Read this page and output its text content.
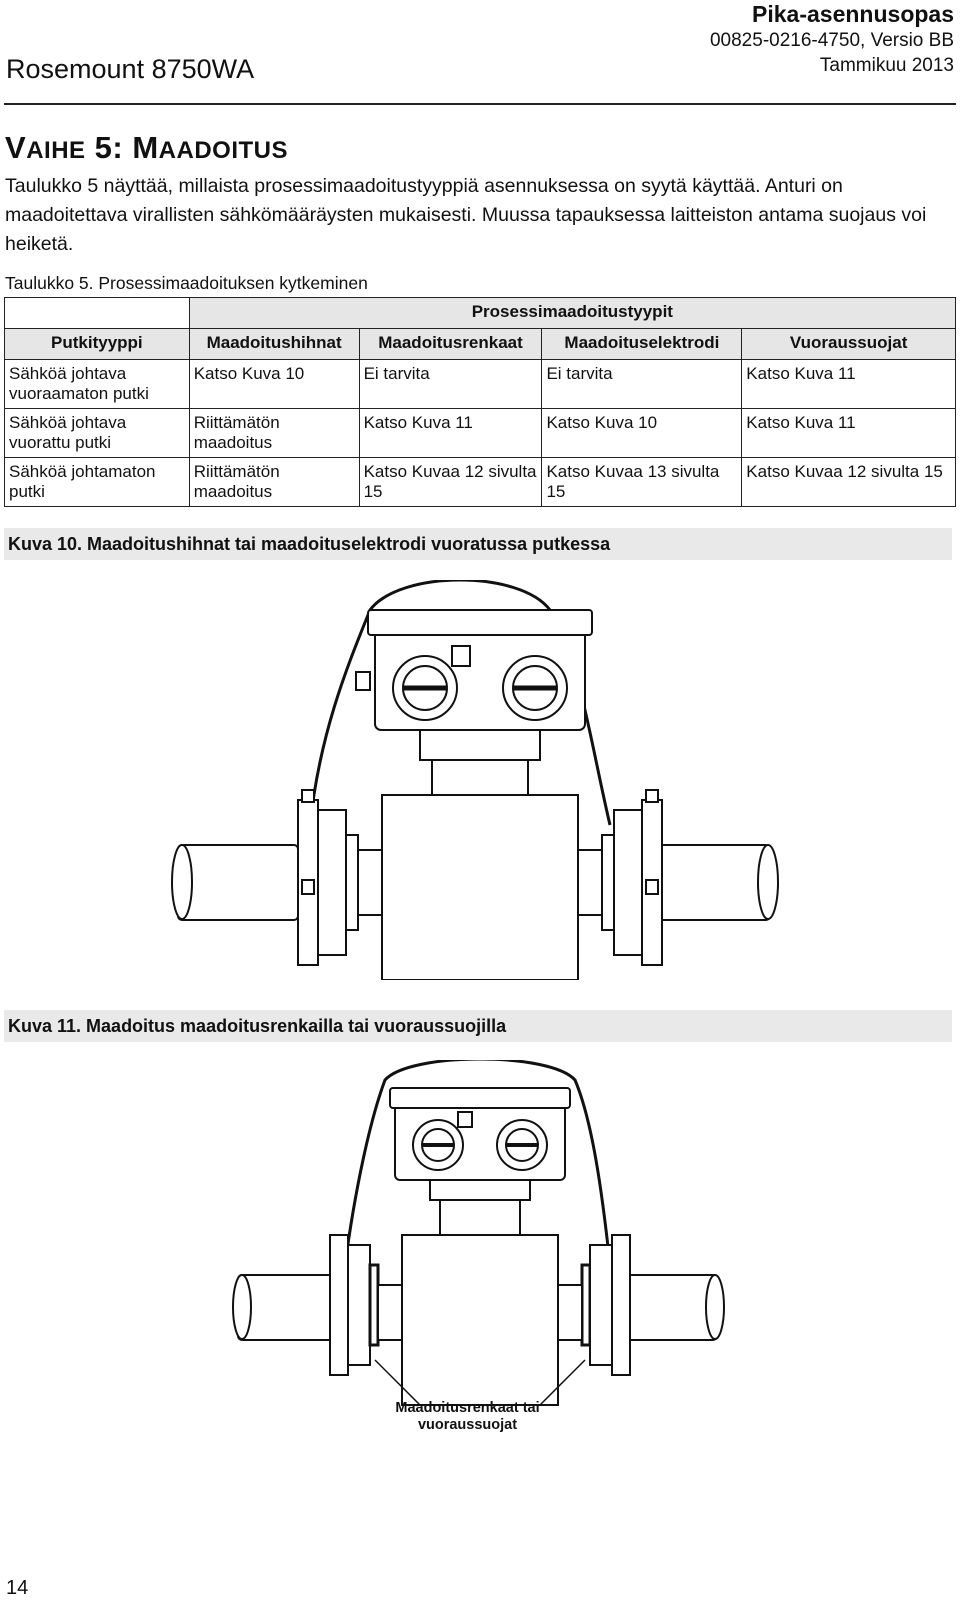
Rosemount 8750WA
Pika-asennusopas
00825-0216-4750, Versio BB
Tammikuu 2013
VAIHE 5: MAADOITUS
Taulukko 5 näyttää, millaista prosessimaadoitustyyppiä asennuksessa on syytä käyttää. Anturi on maadoitettava virallisten sähkömääräysten mukaisesti. Muussa tapauksessa laitteiston antama suojaus voi heiketä.
Taulukko 5. Prosessimaadoituksen kytkeminen
	Prosessimaadoitustyypit			
Putkityyppi	Maadoitushihnat	Maadoitusrenkaat	Maadoituselektrodi	Vuoraussuojat
Sähköä johtava vuoraamaton putki	Katso Kuva 10	Ei tarvita	Ei tarvita	Katso Kuva 11
Sähköä johtava vuorattu putki	Riittämätön maadoitus	Katso Kuva 11	Katso Kuva 10	Katso Kuva 11
Sähköä johtamaton putki	Riittämätön maadoitus	Katso Kuvaa 12 sivulta 15	Katso Kuvaa 13 sivulta 15	Katso Kuvaa 12 sivulta 15
Kuva 10. Maadoitushihnat tai maadoituselektrodi vuoratussa putkessa
Kuva 11. Maadoitus maadoitusrenkailla tai vuoraussuojilla
Maadoitusrenkaat tai vuoraussuojat
14
